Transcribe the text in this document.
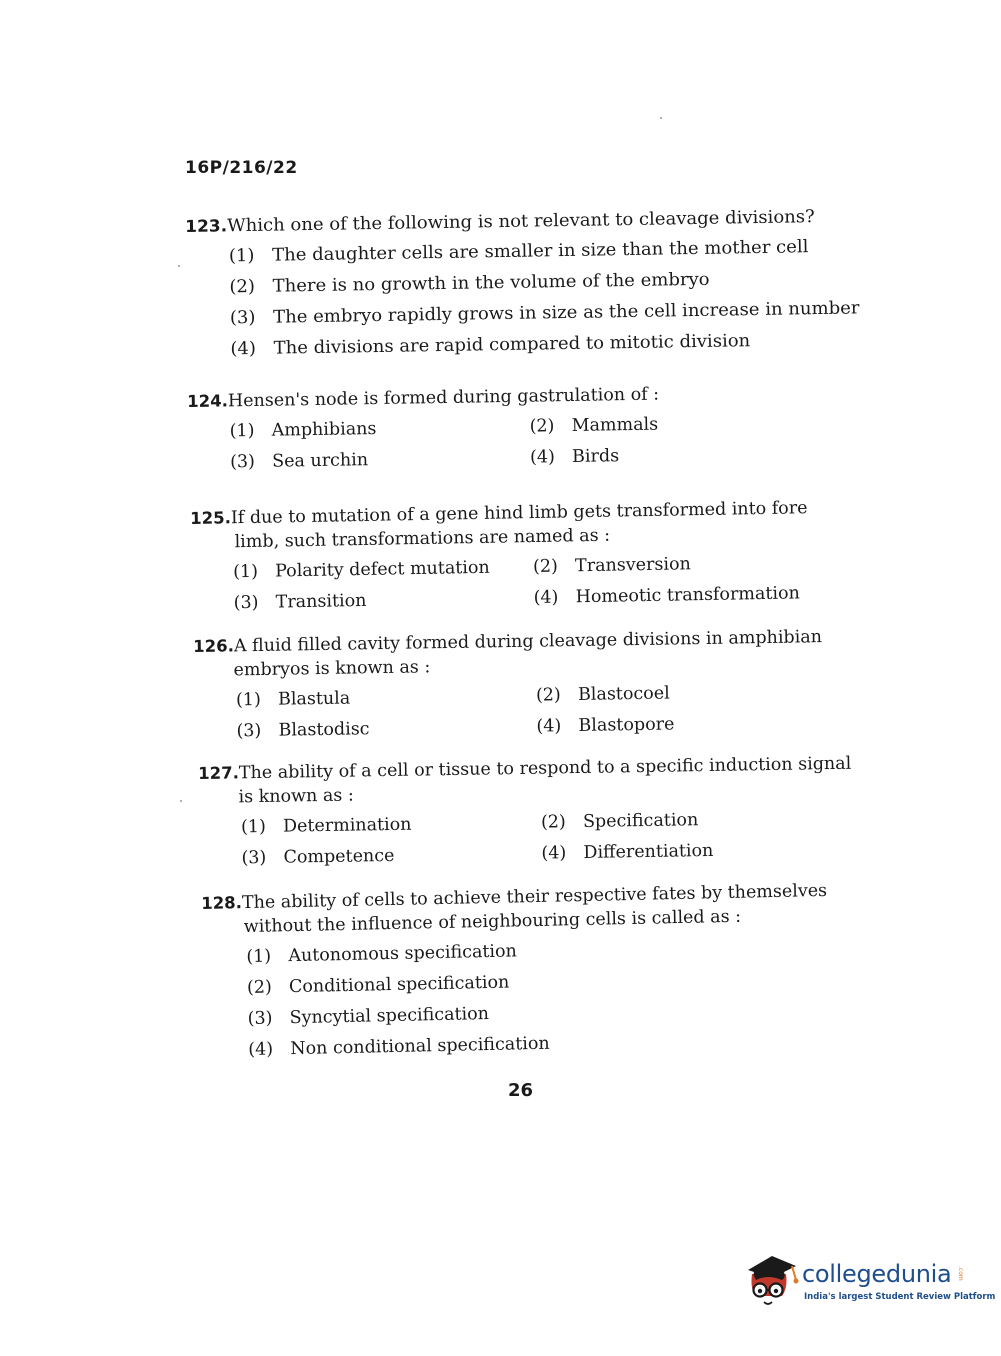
16P/216/22
123.Which one of the following is not relevant to cleavage divisions?
(1) The daughter cells are smaller in size than the mother cell
(2) There is no growth in the volume of the embryo
(3) The embryo rapidly grows in size as the cell increase in number
(4) The divisions are rapid compared to mitotic division
124.Hensen's node is formed during gastrulation of :
(1) Amphibians	(2) Mammals
(3) Sea urchin	(4) Birds
125.If due to mutation of a gene hind limb gets transformed into fore
limb, such transformations are named as :
(1) Polarity defect mutation (2) Transversion
(3) Transition	(4) Homeotic transformation
126.A fluid filled cavity formed during cleavage divisions in amphibian
embryos is known as :
(1) Blastula	(2) Blastocoel
(3) Blastodisc	(4) Blastopore
127.The ability of a cell or tissue to respond to a specific induction signal
is known as :
(1) Determination	(2) Specification
(3) Competence	(4) Differentiation
128.The ability of cells to achieve their respective fates by themselves
without the influence of neighbouring cells is called as :
(1) Autonomous specification
(2) Conditional specification
(3) Syncytial specification
(4) Non conditional specification
26
collegedunia .com
India's largest Student Review Platform
